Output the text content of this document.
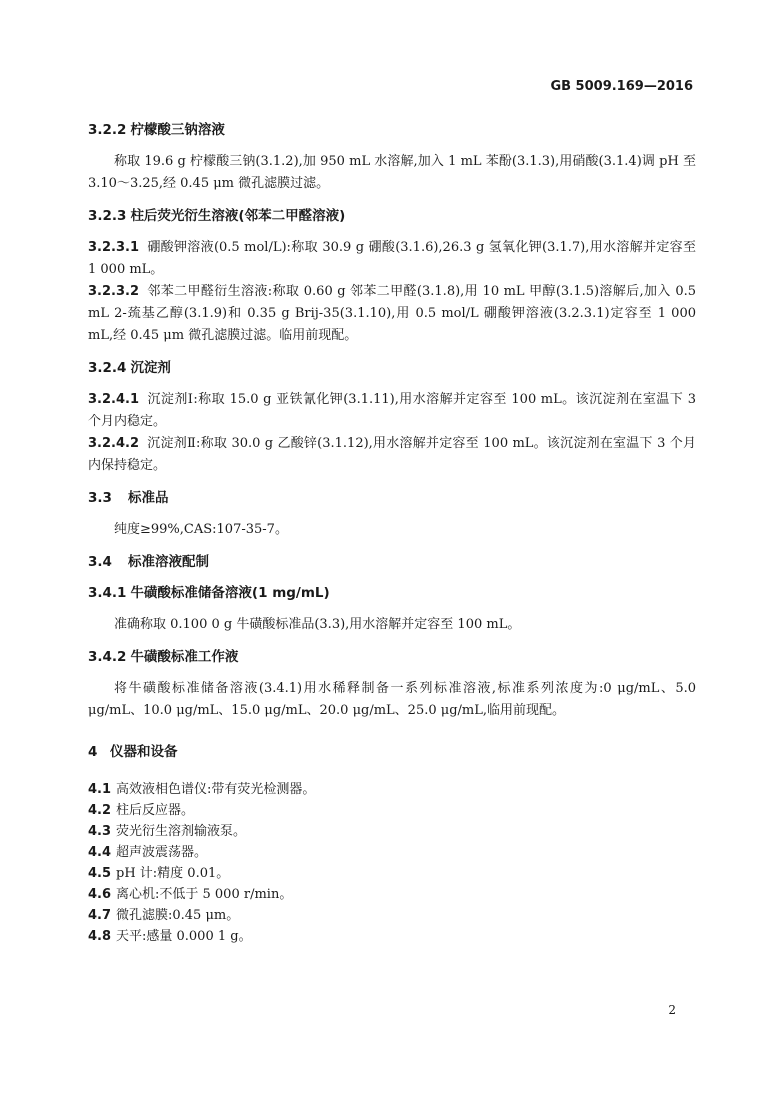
GB 5009.169—2016
3.2.2 柠檬酸三钠溶液

称取 19.6 g 柠檬酸三钠(3.1.2),加 950 mL 水溶解,加入 1 mL 苯酚(3.1.3),用硝酸(3.1.4)调 pH 至 3.10～3.25,经 0.45 μm 微孔滤膜过滤。

3.2.3 柱后荧光衍生溶液(邻苯二甲醛溶液)

3.2.3.1 硼酸钾溶液(0.5 mol/L):称取 30.9 g 硼酸(3.1.6),26.3 g 氢氧化钾(3.1.7),用水溶解并定容至 1 000 mL。

3.2.3.2 邻苯二甲醛衍生溶液:称取 0.60 g 邻苯二甲醛(3.1.8),用 10 mL 甲醇(3.1.5)溶解后,加入 0.5 mL 2-巯基乙醇(3.1.9)和 0.35 g Brij-35(3.1.10),用 0.5 mol/L 硼酸钾溶液(3.2.3.1)定容至 1 000 mL,经 0.45 μm 微孔滤膜过滤。临用前现配。

3.2.4 沉淀剂

3.2.4.1 沉淀剂Ⅰ:称取 15.0 g 亚铁氰化钾(3.1.11),用水溶解并定容至 100 mL。该沉淀剂在室温下 3 个月内稳定。

3.2.4.2 沉淀剂Ⅱ:称取 30.0 g 乙酸锌(3.1.12),用水溶解并定容至 100 mL。该沉淀剂在室温下 3 个月内保持稳定。

3.3 标准品

纯度≥99%,CAS:107-35-7。

3.4 标准溶液配制
3.4.1 牛磺酸标准储备溶液(1 mg/mL)

准确称取 0.100 0 g 牛磺酸标准品(3.3),用水溶解并定容至 100 mL。

3.4.2 牛磺酸标准工作液

将牛磺酸标准储备溶液(3.4.1)用水稀释制备一系列标准溶液,标准系列浓度为:0 μg/mL、5.0 μg/mL、10.0 μg/mL、15.0 μg/mL、20.0 μg/mL、25.0 μg/mL,临用前现配。

4 仪器和设备
4.1 高效液相色谱仪:带有荧光检测器。
4.2 柱后反应器。
4.3 荧光衍生溶剂输液泵。
4.4 超声波震荡器。
4.5 pH 计:精度 0.01。
4.6 离心机:不低于 5 000 r/min。
4.7 微孔滤膜:0.45 μm。
4.8 天平:感量 0.000 1 g。
2
